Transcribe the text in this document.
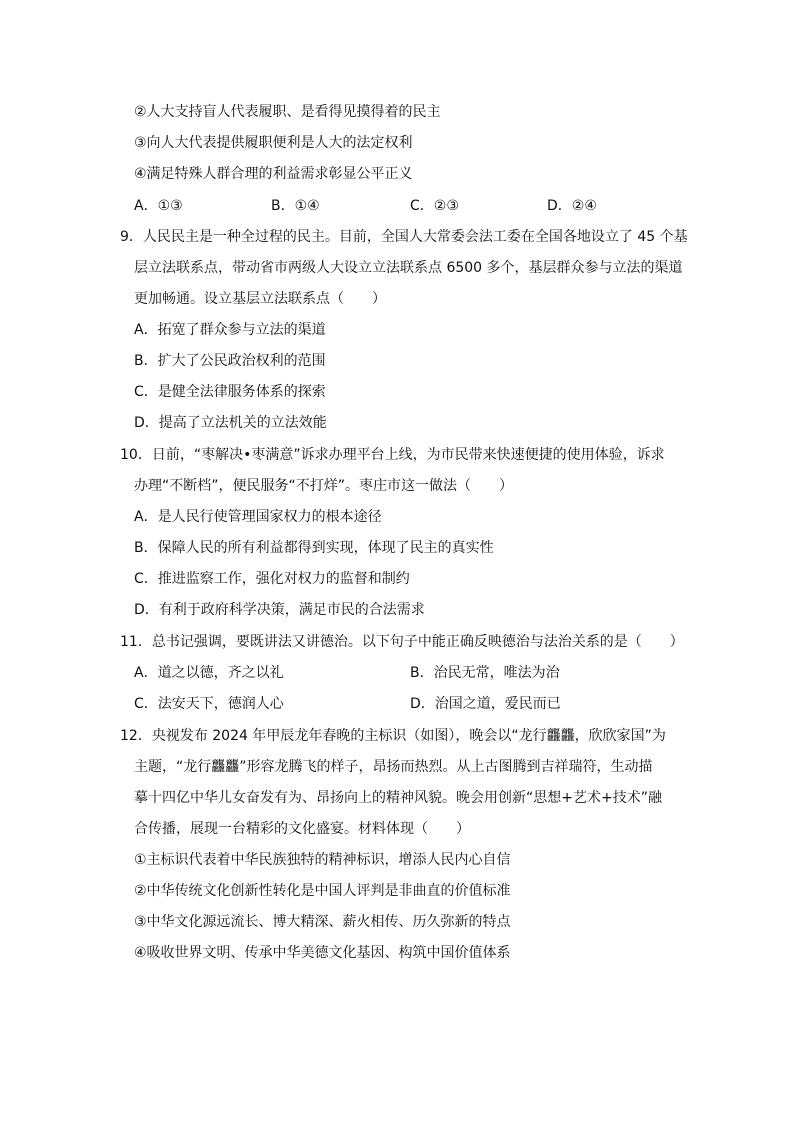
②人大支持盲人代表履职、是看得见摸得着的民主
③向人大代表提供履职便利是人大的法定权利
④满足特殊人群合理的利益需求彰显公平正义
A．①③	B．①④	C．②③	D．②④
9．人民民主是一种全过程的民主。目前，全国人大常委会法工委在全国各地设立了 45 个基
层立法联系点，带动省市两级人大设立立法联系点 6500 多个，基层群众参与立法的渠道
更加畅通。设立基层立法联系点（　　）
A．拓宽了群众参与立法的渠道
B．扩大了公民政治权利的范围
C．是健全法律服务体系的探索
D．提高了立法机关的立法效能
10．日前，“枣解决•枣满意”诉求办理平台上线，为市民带来快速便捷的使用体验，诉求
办理“不断档”，便民服务“不打烊”。枣庄市这一做法（　　）
A．是人民行使管理国家权力的根本途径
B．保障人民的所有利益都得到实现，体现了民主的真实性
C．推进监察工作，强化对权力的监督和制约
D．有利于政府科学决策，满足市民的合法需求
11．总书记强调，要既讲法又讲德治。以下句子中能正确反映德治与法治关系的是（　　）
A．道之以德，齐之以礼	B．治民无常，唯法为治
C．法安天下，德润人心	D．治国之道，爱民而已
12．央视发布 2024 年甲辰龙年春晚的主标识（如图），晚会以“龙行龘龘，欣欣家国”为
主题，“龙行龘龘”形容龙腾飞的样子，昂扬而热烈。从上古图腾到吉祥瑞符，生动描
摹十四亿中华儿女奋发有为、昂扬向上的精神风貌。晚会用创新“思想+艺术+技术”融
合传播，展现一台精彩的文化盛宴。材料体现（　　）
①主标识代表着中华民族独特的精神标识，增添人民内心自信
②中华传统文化创新性转化是中国人评判是非曲直的价值标准
③中华文化源远流长、博大精深、薪火相传、历久弥新的特点
④吸收世界文明、传承中华美德文化基因、构筑中国价值体系
